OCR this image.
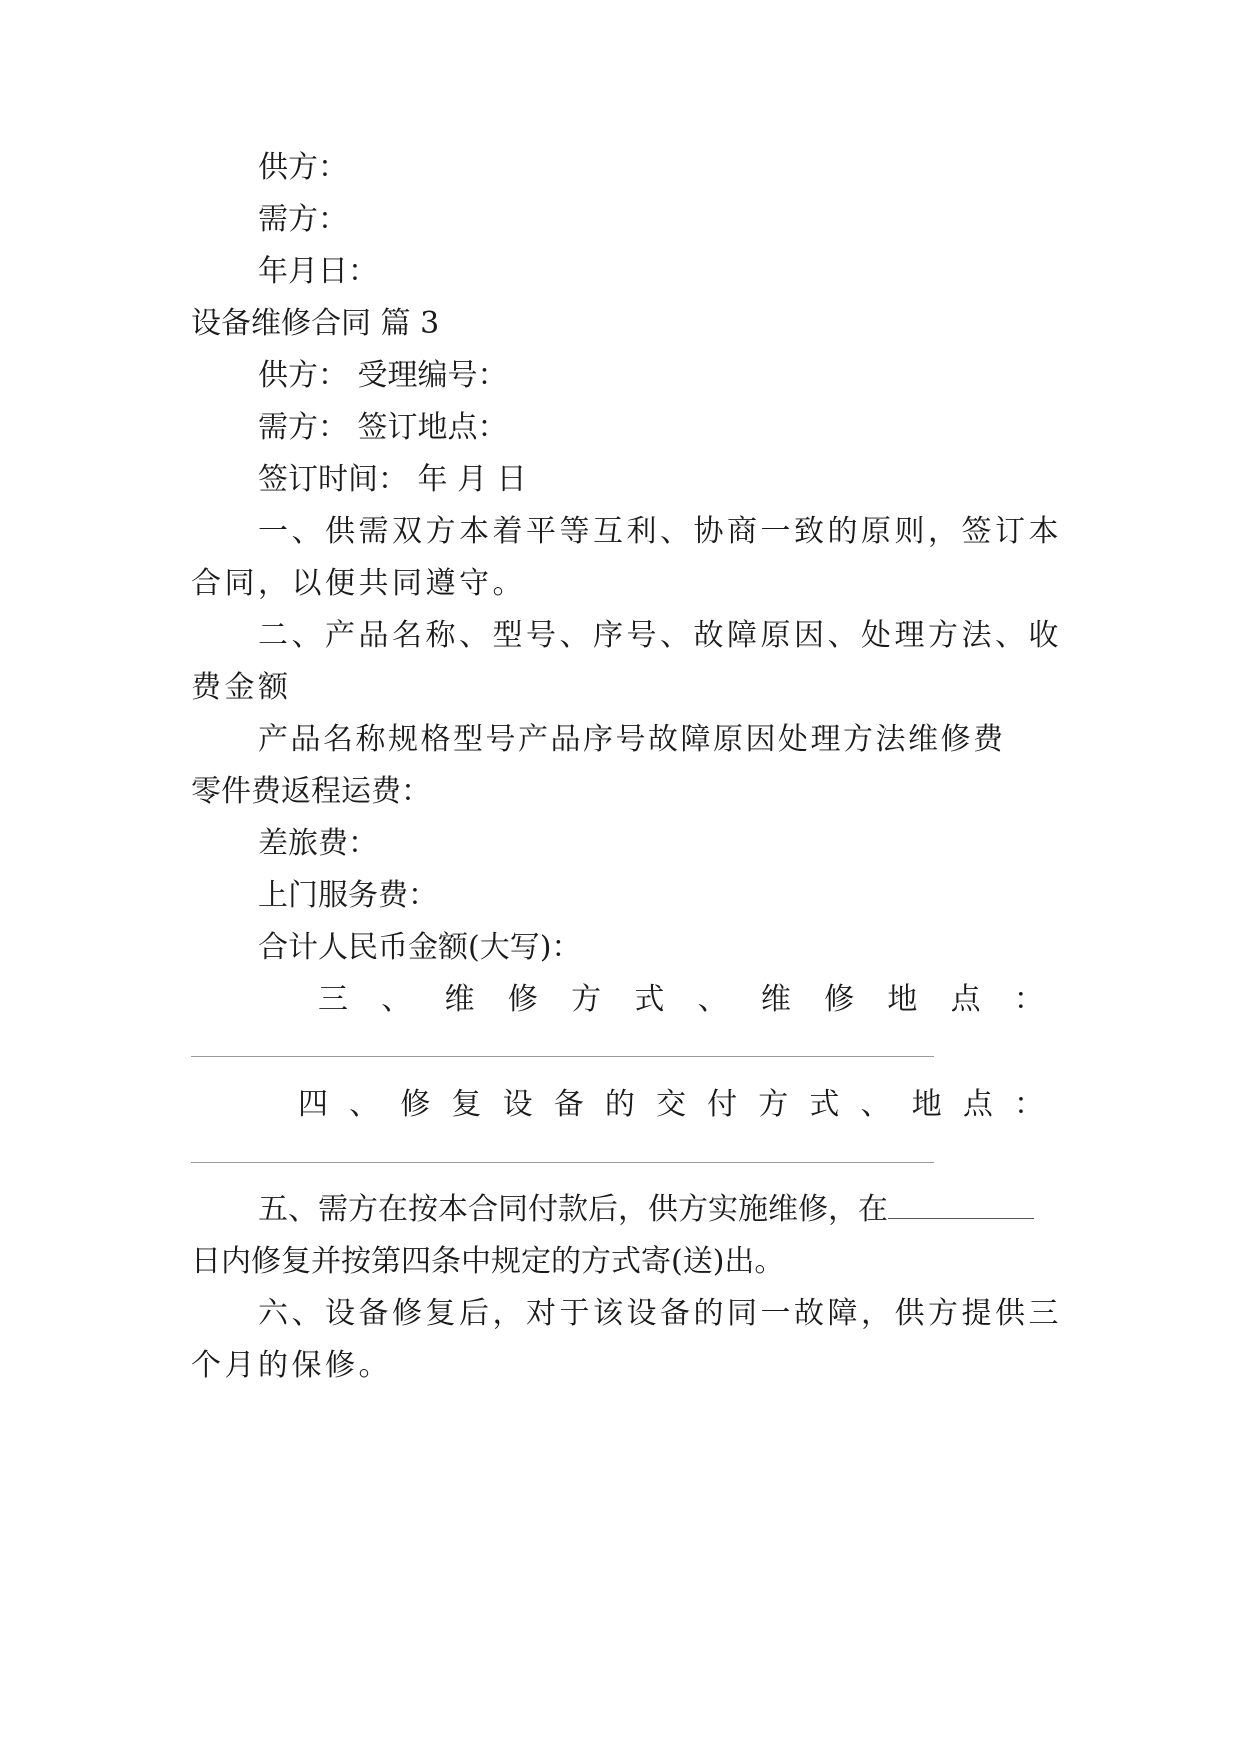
供方：

需方：

年月日：

设备维修合同 篇 3

供方： 受理编号：

需方： 签订地点：

签订时间： 年 月 日

一、供需双方本着平等互利、协商一致的原则，签订本

合同，以便共同遵守。

二、产品名称、型号、序号、故障原因、处理方法、收

费金额

产品名称规格型号产品序号故障原因处理方法维修费

零件费返程运费：

差旅费：

上门服务费：

合计人民币金额(大写)：

三 、 维 修 方 式 、 维 修 地 点 ：
四 、 修 复 设 备 的 交 付 方 式 、 地 点 ：

五、需方在按本合同付款后，供方实施维修，在

日内修复并按第四条中规定的方式寄(送)出。

六、设备修复后，对于该设备的同一故障，供方提供三

个月的保修。
